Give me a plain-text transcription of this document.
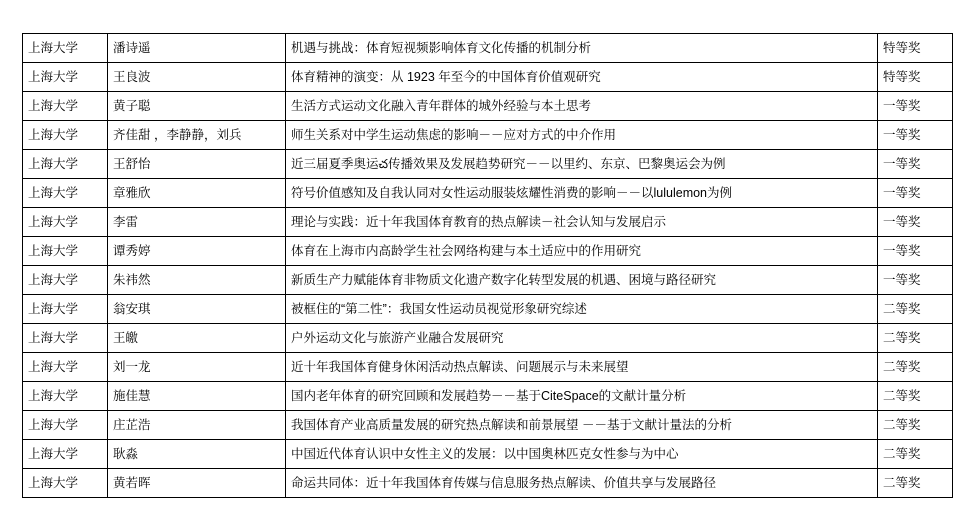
上海大学	潘诗遥	机遇与挑战：体育短视频影响体育文化传播的机制分析	特等奖
上海大学	王良波	体育精神的演变：从 1923 年至今的中国体育价值观研究	特等奖
上海大学	黄子聪	生活方式运动文化融入青年群体的城外经验与本土思考	一等奖
上海大学	齐佳甜 ，李静静，刘兵	师生关系对中学生运动焦虑的影响－－应对方式的中介作用	一等奖
上海大学	王舒怡	近三届夏季奥运చ传播效果及发展趋势研究－－以里约、东京、巴黎奥运会为例	一等奖
上海大学	章雅欣	符号价值感知及自我认同对女性运动服装炫耀性消费的影响－－以lululemon为例	一等奖
上海大学	李雷	理论与实践：近十年我国体育教育的热点解读－社会认知与发展启示	一等奖
上海大学	谭秀婷	体育在上海市内高龄学生社会网络构建与本土适应中的作用研究	一等奖
上海大学	朱祎然	新质生产力赋能体育非物质文化遗产数字化转型发展的机遇、困境与路径研究	一等奖
上海大学	翁安琪	被框住的“第二性”：我国女性运动员视觉形象研究综述	二等奖
上海大学	王皦	户外运动文化与旅游产业融合发展研究	二等奖
上海大学	刘一龙	近十年我国体育健身休闲活动热点解读、问题展示与未来展望	二等奖
上海大学	施佳慧	国内老年体育的研究回顾和发展趋势－－基于CiteSpace的文献计量分析	二等奖
上海大学	庄芷浩	我国体育产业高质量发展的研究热点解读和前景展望 －－基于文献计量法的分析	二等奖
上海大学	耿淼	中国近代体育认识中女性主义的发展：以中国奥林匹克女性参与为中心	二等奖
上海大学	黄若晖	命运共同体：近十年我国体育传媒与信息服务热点解读、价值共享与发展路径	二等奖
